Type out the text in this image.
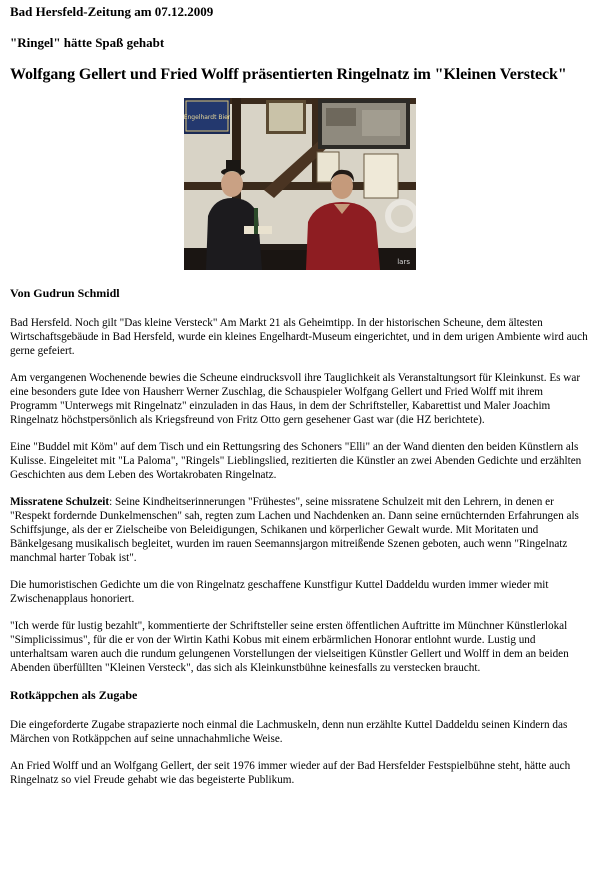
Bad Hersfeld-Zeitung am 07.12.2009
"Ringel" hätte Spaß gehabt
Wolfgang Gellert und Fried Wolff präsentierten Ringelnatz im "Kleinen Versteck"
Engelhardt Bier
lars
Von Gudrun Schmidl

Bad Hersfeld. Noch gilt "Das kleine Versteck" Am Markt 21 als Geheimtipp. In der historischen Scheune, dem ältesten Wirtschaftsgebäude in Bad Hersfeld, wurde ein kleines Engelhardt-Museum eingerichtet, und in dem urigen Ambiente wird auch gerne gefeiert.

Am vergangenen Wochenende bewies die Scheune eindrucksvoll ihre Tauglichkeit als Veranstaltungsort für Kleinkunst. Es war eine besonders gute Idee von Hausherr Werner Zuschlag, die Schauspieler Wolfgang Gellert und Fried Wolff mit ihrem Programm "Unterwegs mit Ringelnatz" einzuladen in das Haus, in dem der Schriftsteller, Kabarettist und Maler Joachim Ringelnatz höchstpersönlich als Kriegsfreund von Fritz Otto gern gesehener Gast war (die HZ berichtete).

Eine "Buddel mit Köm" auf dem Tisch und ein Rettungsring des Schoners "Elli" an der Wand dienten den beiden Künstlern als Kulisse. Eingeleitet mit "La Paloma", "Ringels" Lieblingslied, rezitierten die Künstler an zwei Abenden Gedichte und erzählten Geschichten aus dem Leben des Wortakrobaten Ringelnatz.

Missratene Schulzeit: Seine Kindheitserinnerungen "Frühestes", seine missratene Schulzeit mit den Lehrern, in denen er "Respekt fordernde Dunkelmenschen" sah, regten zum Lachen und Nachdenken an. Dann seine ernüchternden Erfahrungen als Schiffsjunge, als der er Zielscheibe von Beleidigungen, Schikanen und körperlicher Gewalt wurde. Mit Moritaten und Bänkelgesang musikalisch begleitet, wurden im rauen Seemannsjargon mitreißende Szenen geboten, auch wenn "Ringelnatz manchmal harter Tobak ist".

Die humoristischen Gedichte um die von Ringelnatz geschaffene Kunstfigur Kuttel Daddeldu wurden immer wieder mit Zwischenapplaus honoriert.

"Ich werde für lustig bezahlt", kommentierte der Schriftsteller seine ersten öffentlichen Auftritte im Münchner Künstlerlokal "Simplicissimus", für die er von der Wirtin Kathi Kobus mit einem erbärmlichen Honorar entlohnt wurde. Lustig und unterhaltsam waren auch die rundum gelungenen Vorstellungen der vielseitigen Künstler Gellert und Wolff in dem an beiden Abenden überfüllten "Kleinen Versteck", das sich als Kleinkunstbühne keinesfalls zu verstecken braucht.

Rotkäppchen als Zugabe

Die eingeforderte Zugabe strapazierte noch einmal die Lachmuskeln, denn nun erzählte Kuttel Daddeldu seinen Kindern das Märchen von Rotkäppchen auf seine unnachahmliche Weise.

An Fried Wolff und an Wolfgang Gellert, der seit 1976 immer wieder auf der Bad Hersfelder Festspielbühne steht, hätte auch Ringelnatz so viel Freude gehabt wie das begeisterte Publikum.
